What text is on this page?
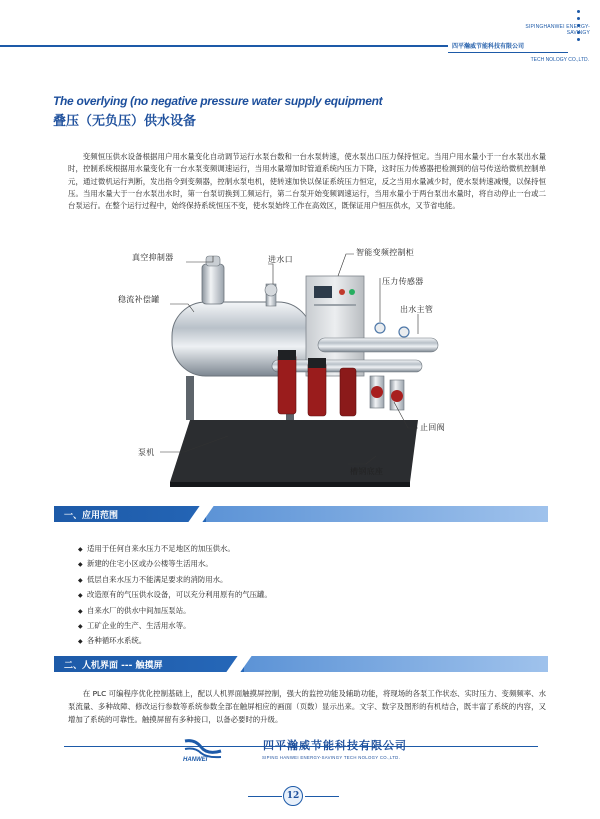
SIPINGHANWEI ENERGY-SAVINGY
四平瀚威节能科技有限公司
TECH NOLOGY CO.,LTD.
The overlying (no negative pressure water supply equipment
叠压（无负压）供水设备

变频恒压供水设备根据用户用水量变化自动调节运行水泵台数和一台水泵转速，使水泵出口压力保持恒定。当用户用水量小于一台水泵出水量时，控制系统根据用水量变化有一台水泵变频调速运行，当用水量增加时管道系统内压力下降，这时压力传感器把检测到的信号传送给微机控制单元，通过微机运行判断，发出指令到变频器，控制水泵电机，使转速加快以保证系统压力恒定，反之当用水量减少时，使水泵转速减慢，以保持恒压。当用水量大于一台水泵出水时，第一台泵切换到工频运行，第二台泵开始变频调速运行，当用水量小于两台泵出水量时，将自动停止一台或二台泵运行。在整个运行过程中，始终保持系统恒压不变，使水泵始终工作在高效区，既保证用户恒压供水，又节省电能。

真空抑制器	进水口
智能变频控制柜
稳流补偿罐
压力传感器
出水主管
止回阀
泵机
槽钢底座
一、应用范围
◆ 适用于任何自来水压力不足地区的加压供水。
◆ 新建的住宅小区或办公楼等生活用水。
◆ 低层自来水压力不能满足要求的消防用水。
◆ 改造原有的气压供水设备，可以充分利用原有的气压罐。
◆ 自来水厂的供水中间加压泵站。
◆ 工矿企业的生产、生活用水等。
◆ 各种循环水系统。
二、人机界面 --- 触摸屏

在 PLC 可编程序优化控制基础上，配以人机界面触摸屏控制，强大的监控功能及辅助功能，将现场的各泵工作状态、实时压力、变频频率、水泵流量、多种故障、修改运行参数等系统参数全部在触屏相应的画面（页数）显示出来。文字、数字及图形的有机结合，既丰富了系统的内容，又增加了系统的可靠性。触摸屏留有多种接口，以备必要时的升级。

HANWEI
四平瀚威节能科技有限公司
SIPING HANWEI ENERGY-SAVINGY TECH NOLOGY CO.,LTD.
12
